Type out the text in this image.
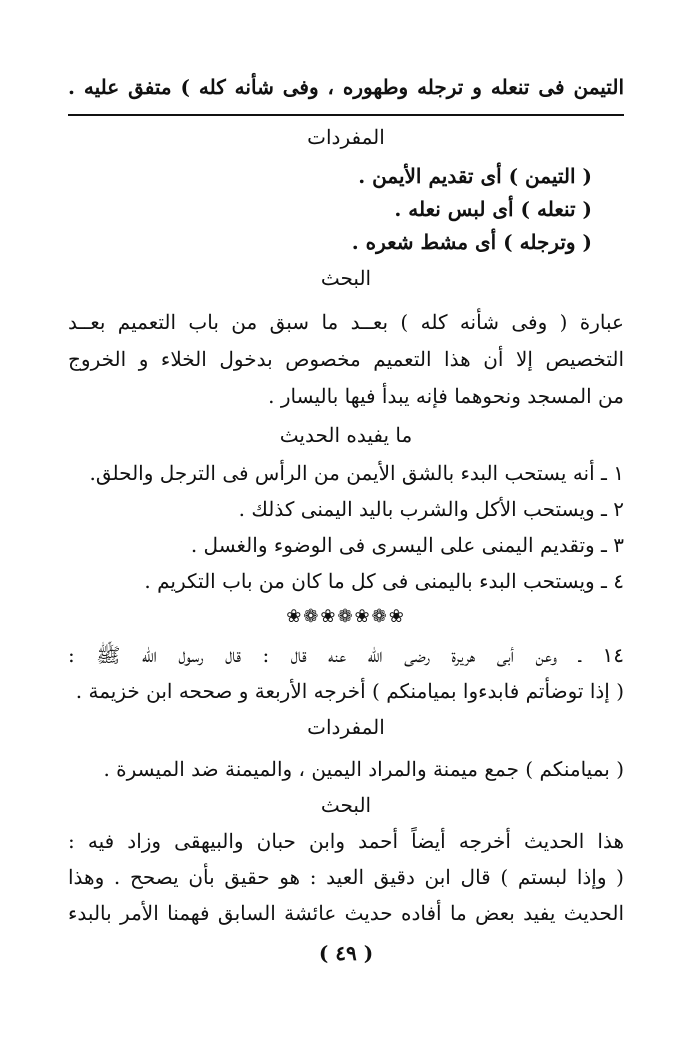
التيمن فى تنعله و ترجله وطهوره ، وفى شأنه كله ) متفق عليه .
المفردات
( التيمن ) أى تقديم الأيمن .
( تنعله ) أى لبس نعله .
( وترجله ) أى مشط شعره .
البحث
عبارة ( وفى شأنه كله ) بعــد ما سبق من باب التعميم بعــد
التخصيص إلا أن هذا التعميم مخصوص بدخول الخلاء و الخروج
من المسجد ونحوهما فإنه يبدأ فيها باليسار .
ما يفيده الحديث
١ ـ أنه يستحب البدء بالشق الأيمن من الرأس فى الترجل والحلق.
٢ ـ ويستحب الأكل والشرب باليد اليمنى كذلك .
٣ ـ وتقديم اليمنى على اليسرى فى الوضوء والغسل .
٤ ـ ويستحب البدء باليمنى فى كل ما كان من باب التكريم .
❀❁❀❁❀❁❀
١٤ ـ وعن أبى هريرة رضى الله عنه قال : قال رسول الله ﷺ :
( إذا توضأتم فابدءوا بميامنكم ) أخرجه الأربعة و صححه ابن خزيمة .
المفردات
( بميامنكم ) جمع ميمنة والمراد اليمين ، والميمنة ضد الميسرة .
البحث
هذا الحديث أخرجه أيضاً أحمد وابن حبان والبيهقى وزاد فيه :
( وإذا لبستم ) قال ابن دقيق العيد : هو حقيق بأن يصحح . وهذا
الحديث يفيد بعض ما أفاده حديث عائشة السابق فهمنا الأمر بالبدء
( ٤٩ )
